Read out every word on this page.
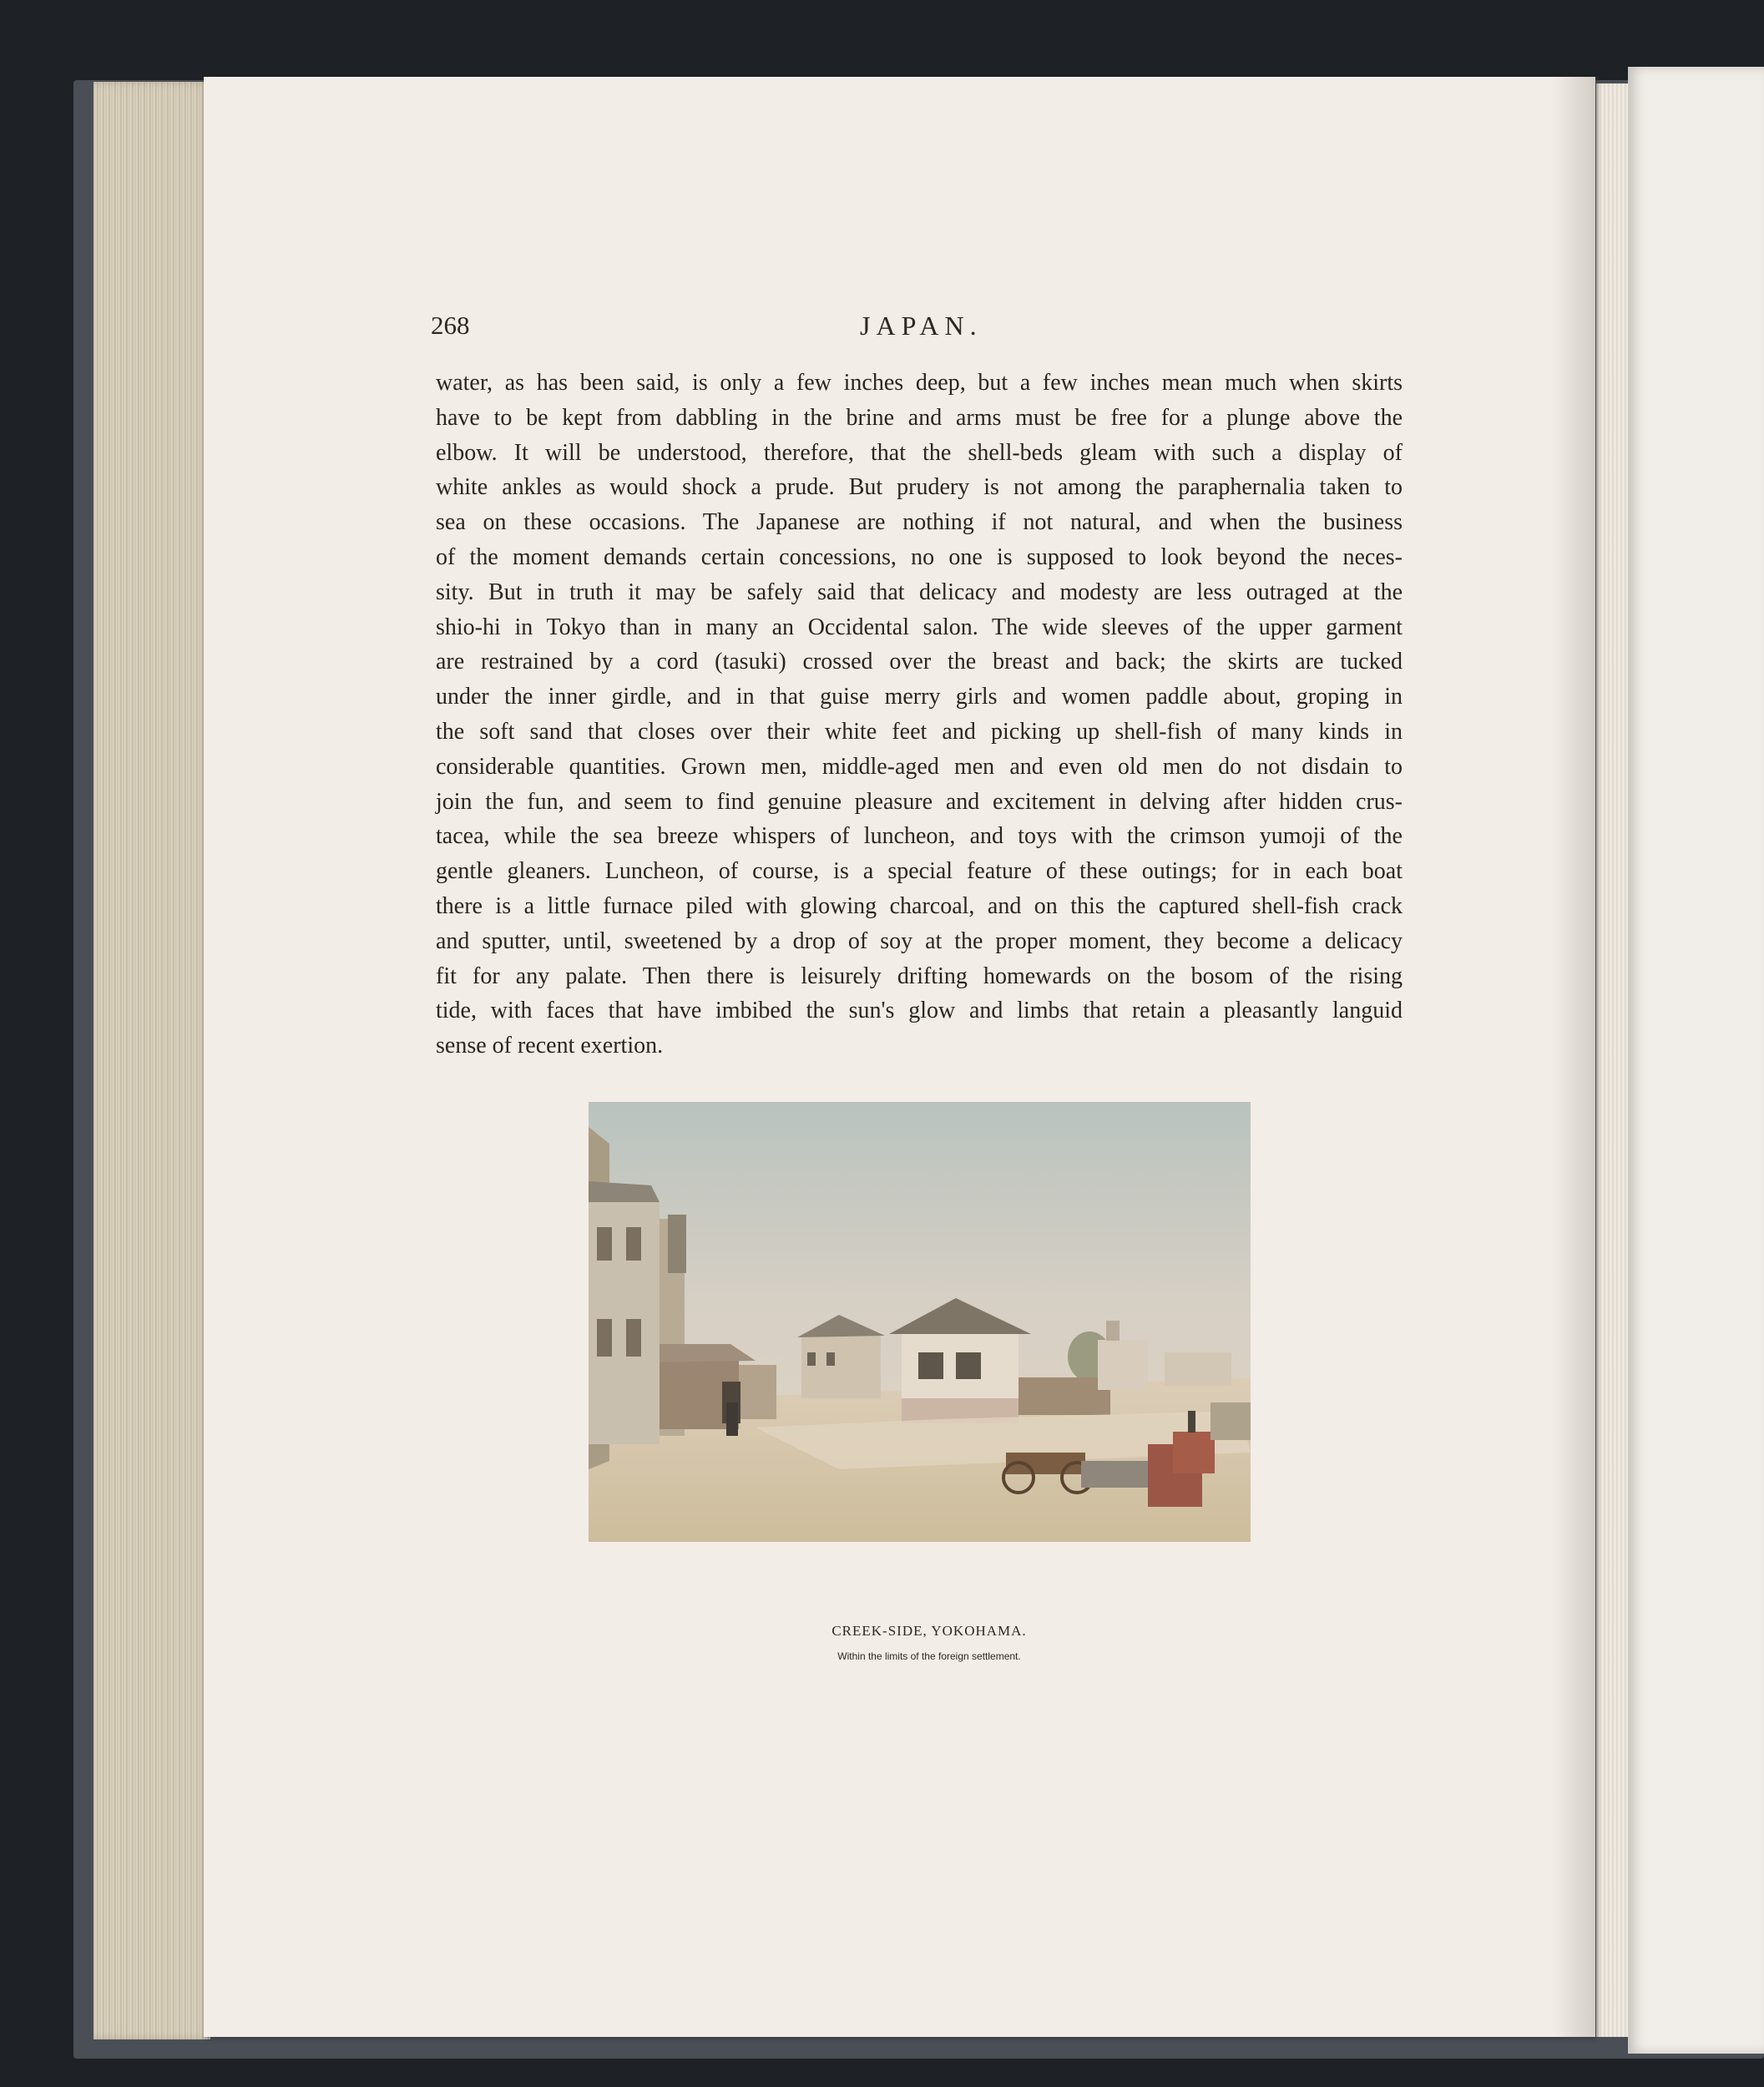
268	JAPAN.
water, as has been said, is only a few inches deep, but a few inches mean much when skirts
have to be kept from dabbling in the brine and arms must be free for a plunge above the
elbow. It will be understood, therefore, that the shell-beds gleam with such a display of
white ankles as would shock a prude. But prudery is not among the paraphernalia taken to
sea on these occasions. The Japanese are nothing if not natural, and when the business
of the moment demands certain concessions, no one is supposed to look beyond the neces-
sity. But in truth it may be safely said that delicacy and modesty are less outraged at the
shio-hi in Tokyo than in many an Occidental salon. The wide sleeves of the upper garment
are restrained by a cord (tasuki) crossed over the breast and back; the skirts are tucked
under the inner girdle, and in that guise merry girls and women paddle about, groping in
the soft sand that closes over their white feet and picking up shell-fish of many kinds in
considerable quantities. Grown men, middle-aged men and even old men do not disdain to
join the fun, and seem to find genuine pleasure and excitement in delving after hidden crus-
tacea, while the sea breeze whispers of luncheon, and toys with the crimson yumoji of the
gentle gleaners. Luncheon, of course, is a special feature of these outings; for in each boat
there is a little furnace piled with glowing charcoal, and on this the captured shell-fish crack
and sputter, until, sweetened by a drop of soy at the proper moment, they become a delicacy
fit for any palate. Then there is leisurely drifting homewards on the bosom of the rising
tide, with faces that have imbibed the sun's glow and limbs that retain a pleasantly languid
sense of recent exertion.
CREEK-SIDE, YOKOHAMA.
Within the limits of the foreign settlement.
